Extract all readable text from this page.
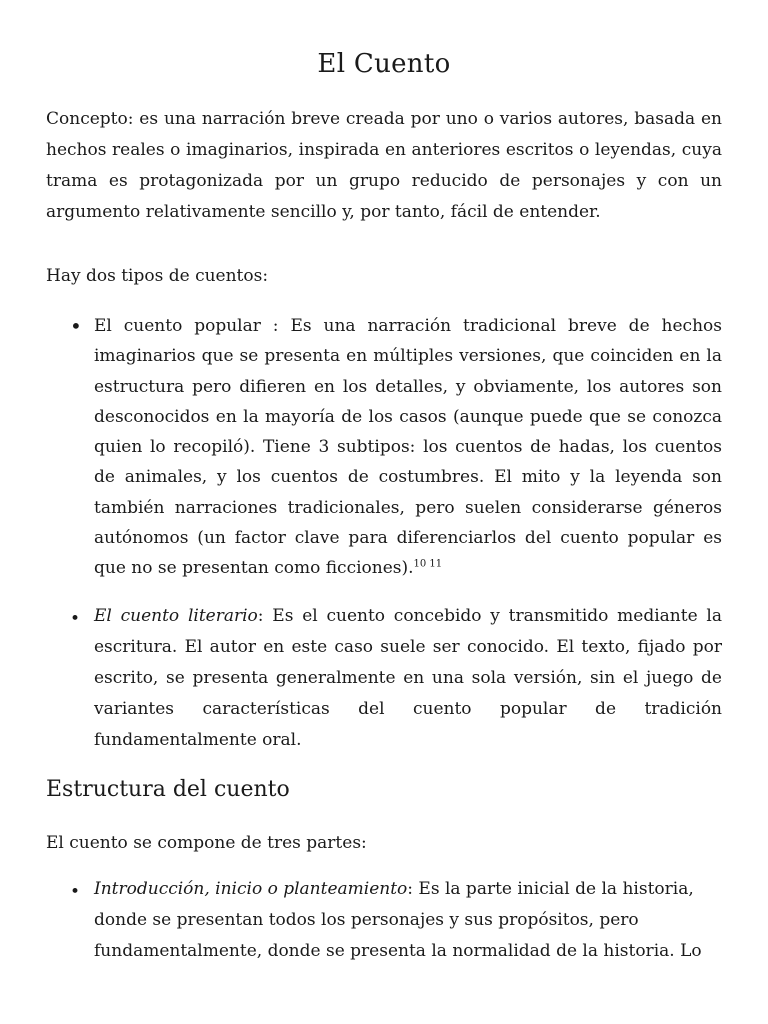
El Cuento

Concepto: es una narración breve creada por uno o varios autores, basada en hechos reales o imaginarios, inspirada en anteriores escritos o leyendas, cuya trama es protagonizada por un grupo reducido de personajes y con un argumento relativamente sencillo y, por tanto, fácil de entender.

Hay dos tipos de cuentos:

• El cuento popular : Es una narración tradicional breve de hechos imaginarios que se presenta en múltiples versiones, que coinciden en la estructura pero difieren en los detalles, y obviamente, los autores son desconocidos en la mayoría de los casos (aunque puede que se conozca quien lo recopiló). Tiene 3 subtipos: los cuentos de hadas, los cuentos de animales, y los cuentos de costumbres. El mito y la leyenda son también narraciones tradicionales, pero suelen considerarse géneros autónomos (un factor clave para diferenciarlos del cuento popular es que no se presentan como ficciones).$^{10 11}$

• El cuento literario: Es el cuento concebido y transmitido mediante la escritura. El autor en este caso suele ser conocido. El texto, fijado por escrito, se presenta generalmente en una sola versión, sin el juego de variantes características del cuento popular de tradición fundamentalmente oral.

Estructura del cuento

El cuento se compone de tres partes:

• Introducción, inicio o planteamiento: Es la parte inicial de la historia, donde se presentan todos los personajes y sus propósitos, pero fundamentalmente, donde se presenta la normalidad de la historia. Lo
